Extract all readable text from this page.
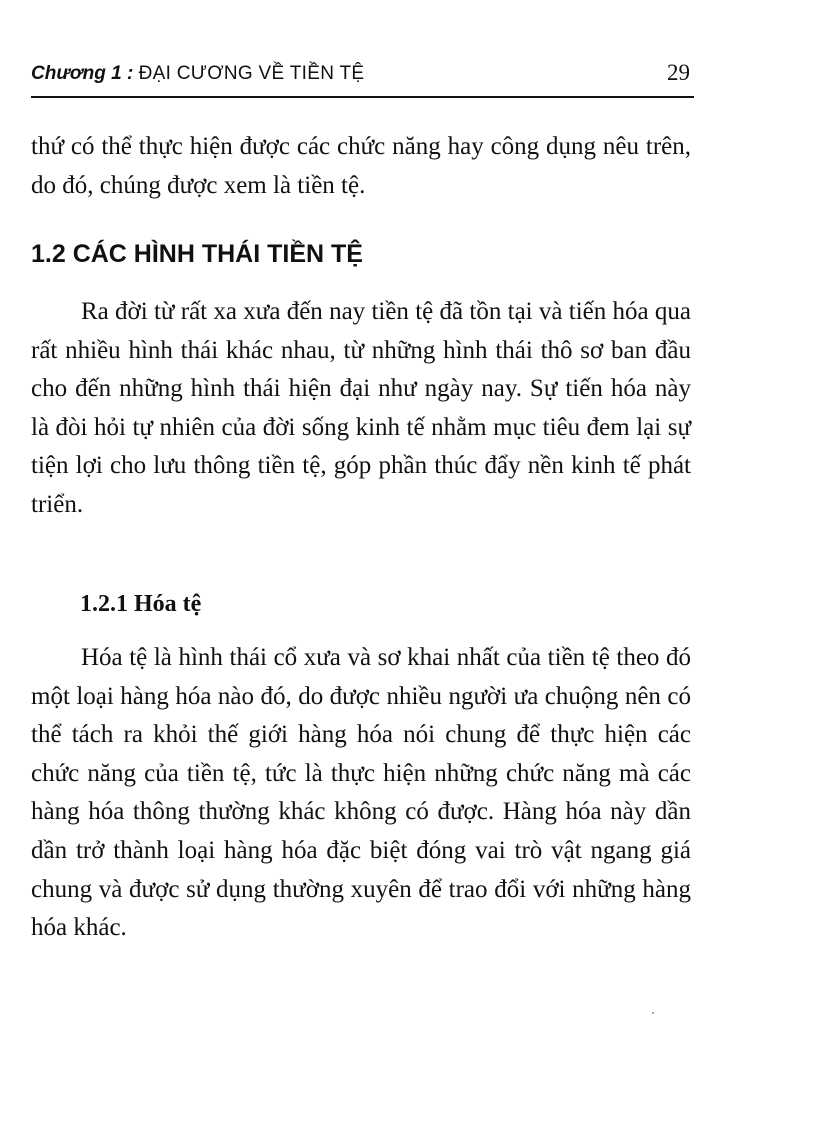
Chương 1 : ĐẠI CƯƠNG VỀ TIỀN TỆ	29

thứ có thể thực hiện được các chức năng hay công dụng nêu trên, do đó, chúng được xem là tiền tệ.

1.2 CÁC HÌNH THÁI TIỀN TỆ

Ra đời từ rất xa xưa đến nay tiền tệ đã tồn tại và tiến hóa qua rất nhiều hình thái khác nhau, từ những hình thái thô sơ ban đầu cho đến những hình thái hiện đại như ngày nay. Sự tiến hóa này là đòi hỏi tự nhiên của đời sống kinh tế nhằm mục tiêu đem lại sự tiện lợi cho lưu thông tiền tệ, góp phần thúc đẩy nền kinh tế phát triển.

1.2.1 Hóa tệ

Hóa tệ là hình thái cổ xưa và sơ khai nhất của tiền tệ theo đó một loại hàng hóa nào đó, do được nhiều người ưa chuộng nên có thể tách ra khỏi thế giới hàng hóa nói chung để thực hiện các chức năng của tiền tệ, tức là thực hiện những chức năng mà các hàng hóa thông thường khác không có được. Hàng hóa này dần dần trở thành loại hàng hóa đặc biệt đóng vai trò vật ngang giá chung và được sử dụng thường xuyên để trao đổi với những hàng hóa khác.
